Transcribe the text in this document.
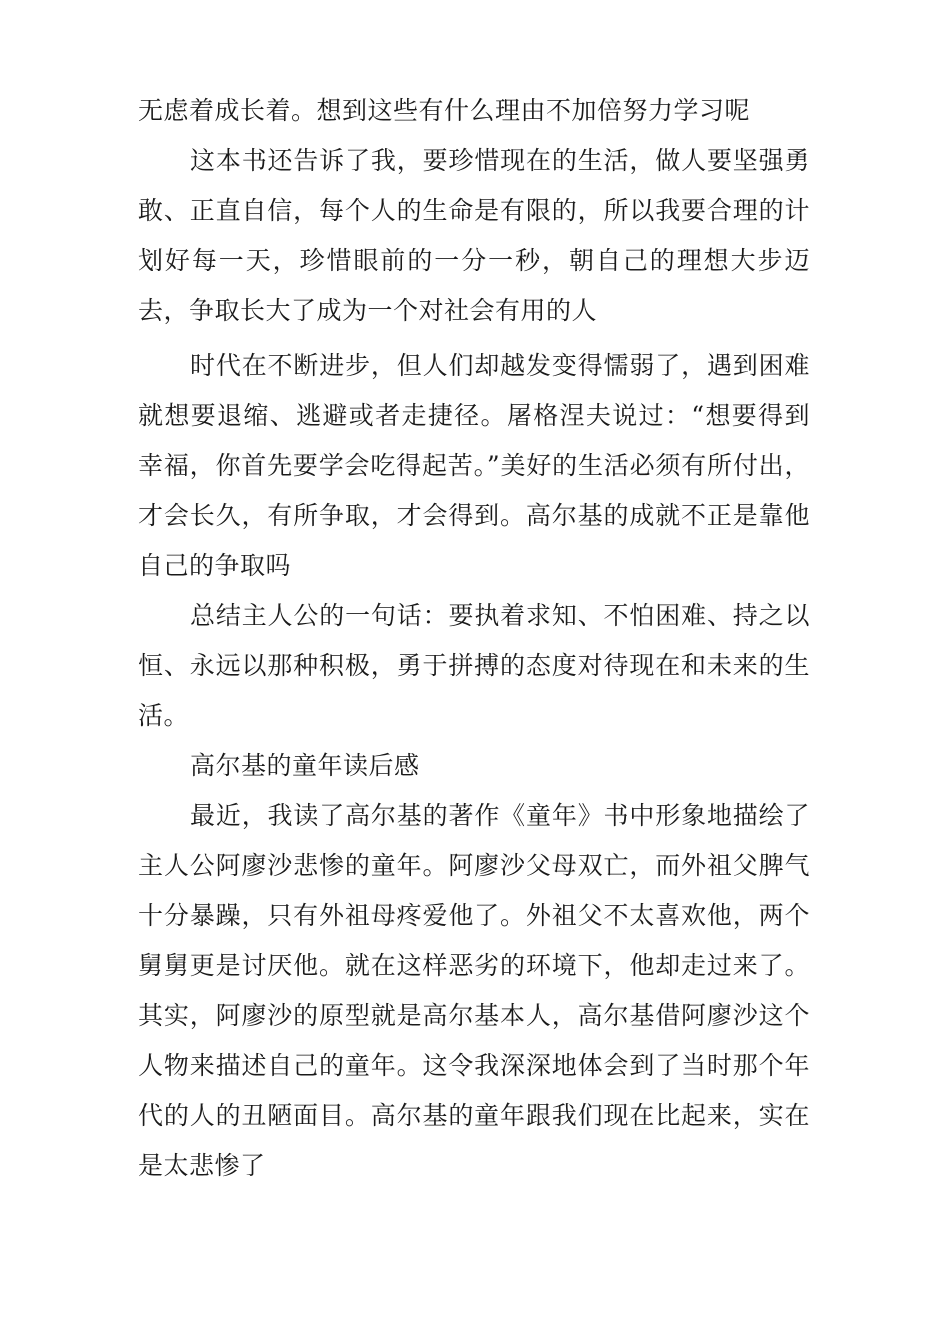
无虑着成长着。想到这些有什么理由不加倍努力学习呢

这本书还告诉了我，要珍惜现在的生活，做人要坚强勇敢、正直自信，每个人的生命是有限的，所以我要合理的计划好每一天，珍惜眼前的一分一秒，朝自己的理想大步迈去，争取长大了成为一个对社会有用的人

时代在不断进步，但人们却越发变得懦弱了，遇到困难就想要退缩、逃避或者走捷径。屠格涅夫说过：“想要得到幸福，你首先要学会吃得起苦。”美好的生活必须有所付出，才会长久，有所争取，才会得到。高尔基的成就不正是靠他自己的争取吗

总结主人公的一句话：要执着求知、不怕困难、持之以恒、永远以那种积极，勇于拼搏的态度对待现在和未来的生活。

高尔基的童年读后感

最近，我读了高尔基的著作《童年》书中形象地描绘了主人公阿廖沙悲惨的童年。阿廖沙父母双亡，而外祖父脾气十分暴躁，只有外祖母疼爱他了。外祖父不太喜欢他，两个舅舅更是讨厌他。就在这样恶劣的环境下，他却走过来了。其实，阿廖沙的原型就是高尔基本人，高尔基借阿廖沙这个人物来描述自己的童年。这令我深深地体会到了当时那个年代的人的丑陋面目。高尔基的童年跟我们现在比起来，实在是太悲惨了
